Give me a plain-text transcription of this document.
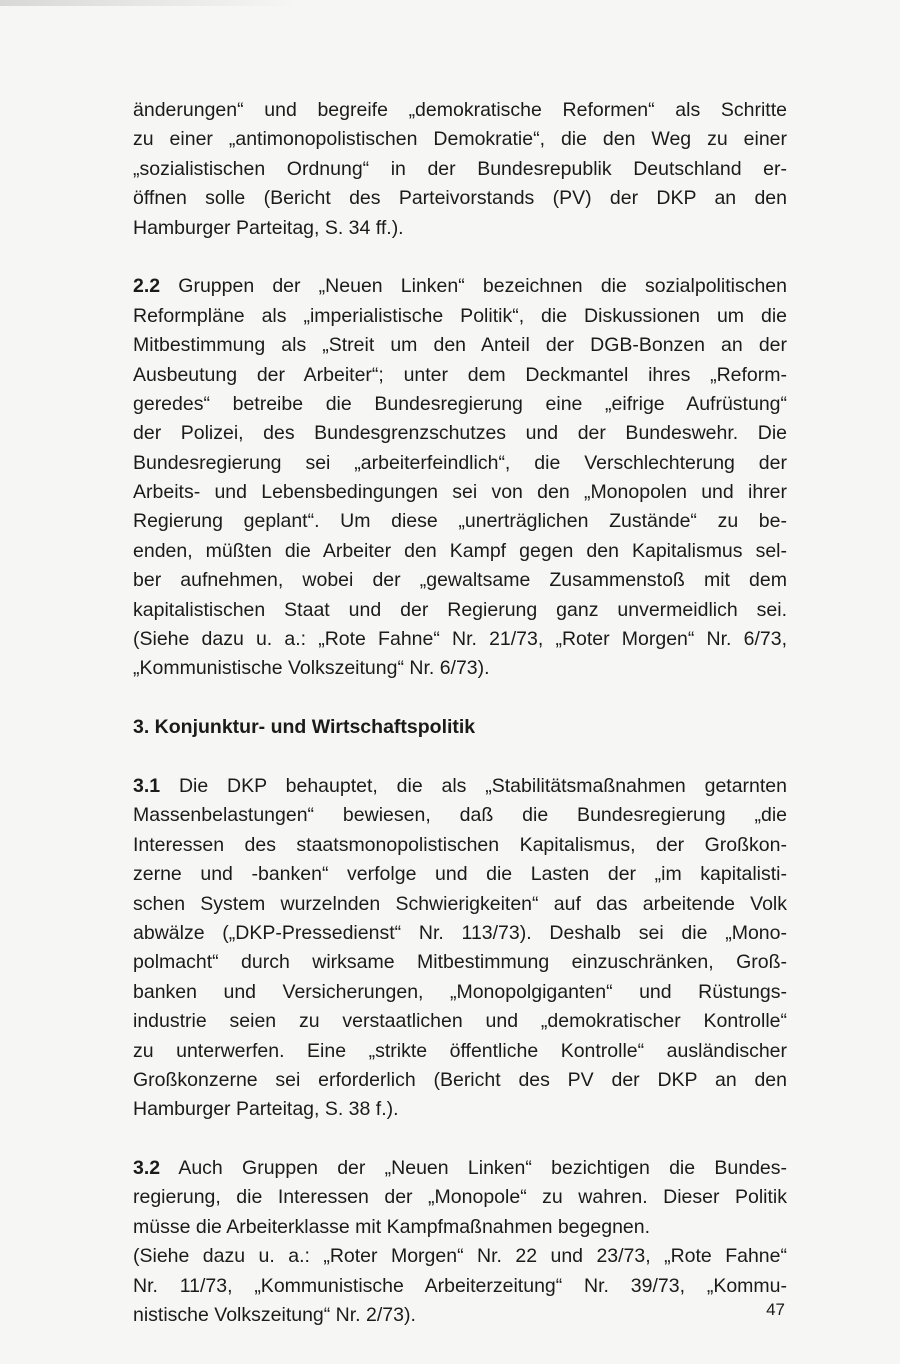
änderungen“ und begreife „demokratische Reformen“ als Schritte
zu einer „antimonopolistischen Demokratie“, die den Weg zu einer
„sozialistischen Ordnung“ in der Bundesrepublik Deutschland er-
öffnen solle (Bericht des Parteivorstands (PV) der DKP an den
Hamburger Parteitag, S. 34 ff.).
2.2 Gruppen der „Neuen Linken“ bezeichnen die sozialpolitischen
Reformpläne als „imperialistische Politik“, die Diskussionen um die
Mitbestimmung als „Streit um den Anteil der DGB-Bonzen an der
Ausbeutung der Arbeiter“; unter dem Deckmantel ihres „Reform-
geredes“ betreibe die Bundesregierung eine „eifrige Aufrüstung“
der Polizei, des Bundesgrenzschutzes und der Bundeswehr. Die
Bundesregierung sei „arbeiterfeindlich“, die Verschlechterung der
Arbeits- und Lebensbedingungen sei von den „Monopolen und ihrer
Regierung geplant“. Um diese „unerträglichen Zustände“ zu be-
enden, müßten die Arbeiter den Kampf gegen den Kapitalismus sel-
ber aufnehmen, wobei der „gewaltsame Zusammenstoß mit dem
kapitalistischen Staat und der Regierung ganz unvermeidlich sei.
(Siehe dazu u. a.: „Rote Fahne“ Nr. 21/73, „Roter Morgen“ Nr. 6/73,
„Kommunistische Volkszeitung“ Nr. 6/73).
3. Konjunktur- und Wirtschaftspolitik
3.1 Die DKP behauptet, die als „Stabilitätsmaßnahmen getarnten
Massenbelastungen“ bewiesen, daß die Bundesregierung „die
Interessen des staatsmonopolistischen Kapitalismus, der Großkon-
zerne und -banken“ verfolge und die Lasten der „im kapitalisti-
schen System wurzelnden Schwierigkeiten“ auf das arbeitende Volk
abwälze („DKP-Pressedienst“ Nr. 113/73). Deshalb sei die „Mono-
polmacht“ durch wirksame Mitbestimmung einzuschränken, Groß-
banken und Versicherungen, „Monopolgiganten“ und Rüstungs-
industrie seien zu verstaatlichen und „demokratischer Kontrolle“
zu unterwerfen. Eine „strikte öffentliche Kontrolle“ ausländischer
Großkonzerne sei erforderlich (Bericht des PV der DKP an den
Hamburger Parteitag, S. 38 f.).
3.2 Auch Gruppen der „Neuen Linken“ bezichtigen die Bundes-
regierung, die Interessen der „Monopole“ zu wahren. Dieser Politik
müsse die Arbeiterklasse mit Kampfmaßnahmen begegnen.
(Siehe dazu u. a.: „Roter Morgen“ Nr. 22 und 23/73, „Rote Fahne“
Nr. 11/73, „Kommunistische Arbeiterzeitung“ Nr. 39/73, „Kommu-
nistische Volkszeitung“ Nr. 2/73).	47
